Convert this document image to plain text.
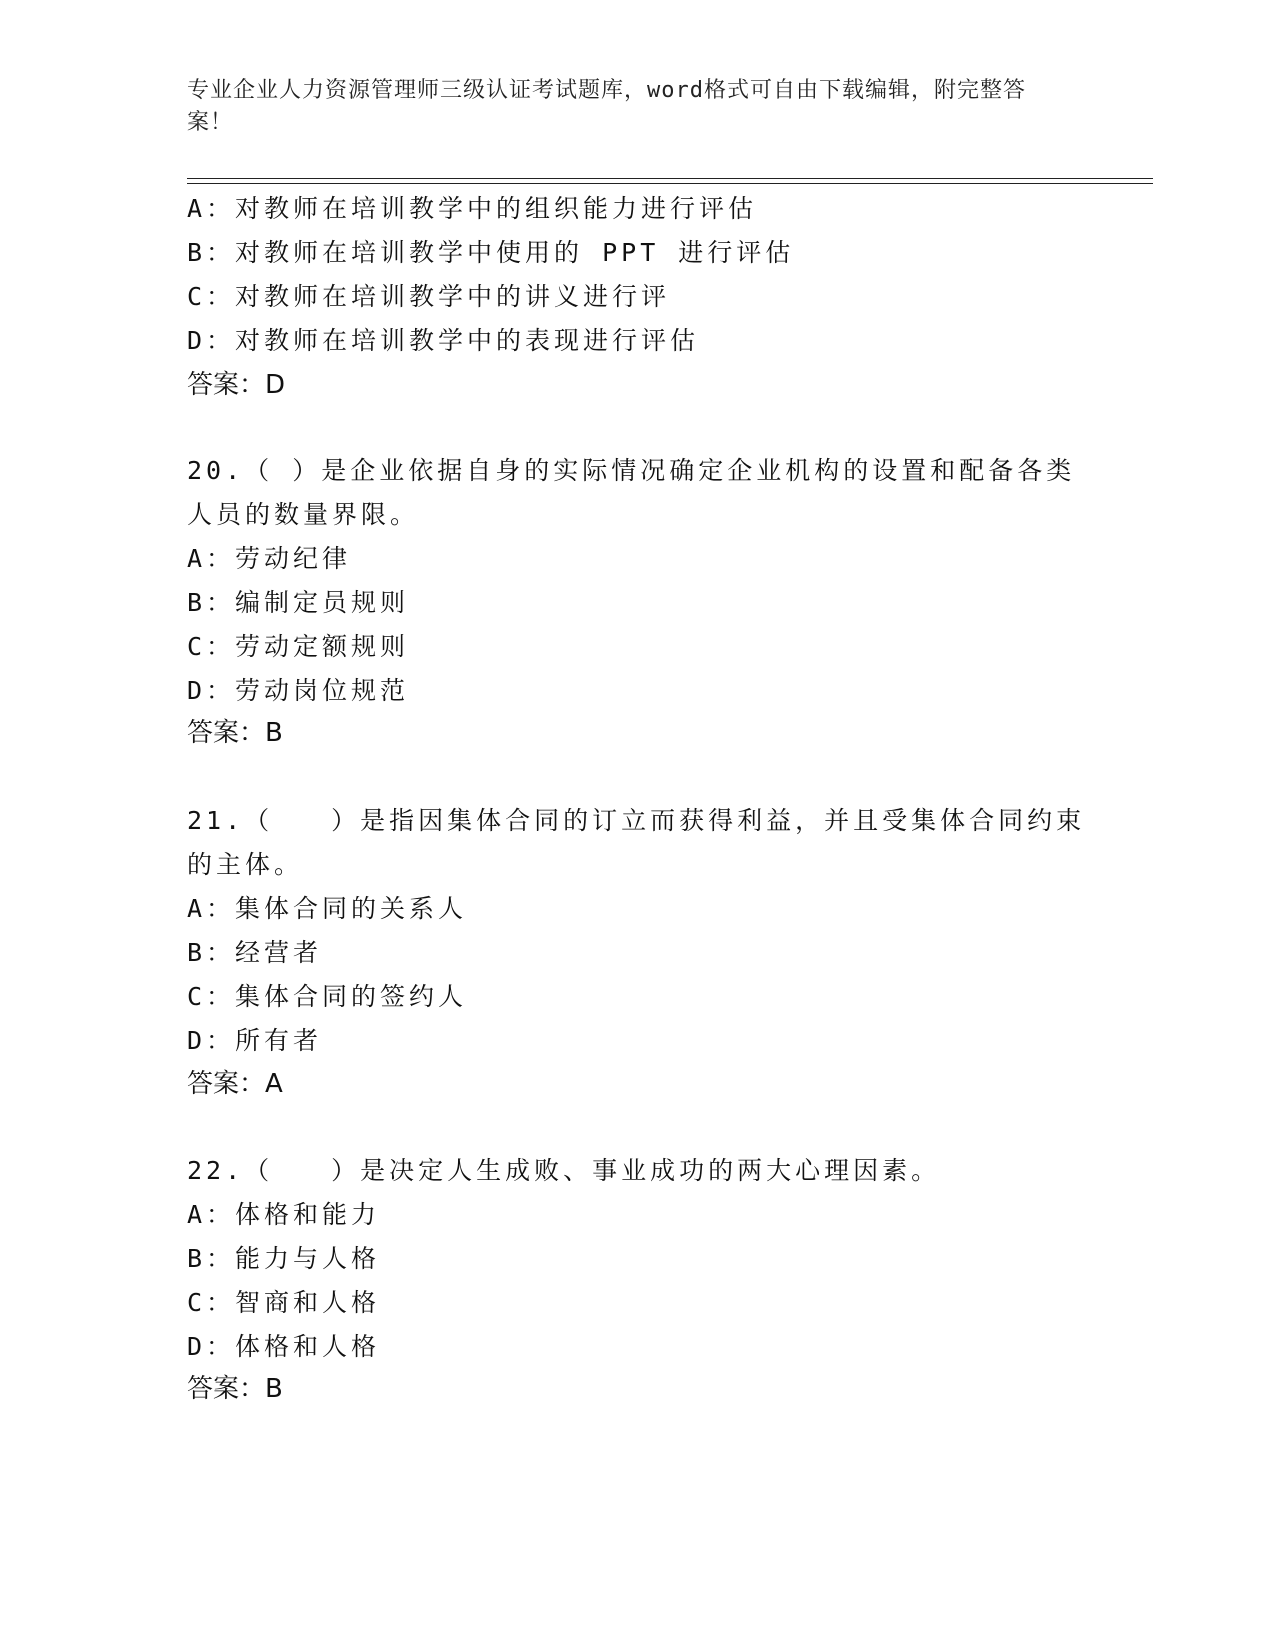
专业企业人力资源管理师三级认证考试题库，word格式可自由下载编辑，附完整答案！
A：对教师在培训教学中的组织能力进行评估
B：对教师在培训教学中使用的 PPT 进行评估
C：对教师在培训教学中的讲义进行评
D：对教师在培训教学中的表现进行评估
答案：D
20.（ ）是企业依据自身的实际情况确定企业机构的设置和配备各类
人员的数量界限。
A：劳动纪律
B：编制定员规则
C：劳动定额规则
D：劳动岗位规范
答案：B
21.（　　）是指因集体合同的订立而获得利益，并且受集体合同约束
的主体。
A：集体合同的关系人
B：经营者
C：集体合同的签约人
D：所有者
答案：A
22.（　　）是决定人生成败、事业成功的两大心理因素。
A：体格和能力
B：能力与人格
C：智商和人格
D：体格和人格
答案：B
